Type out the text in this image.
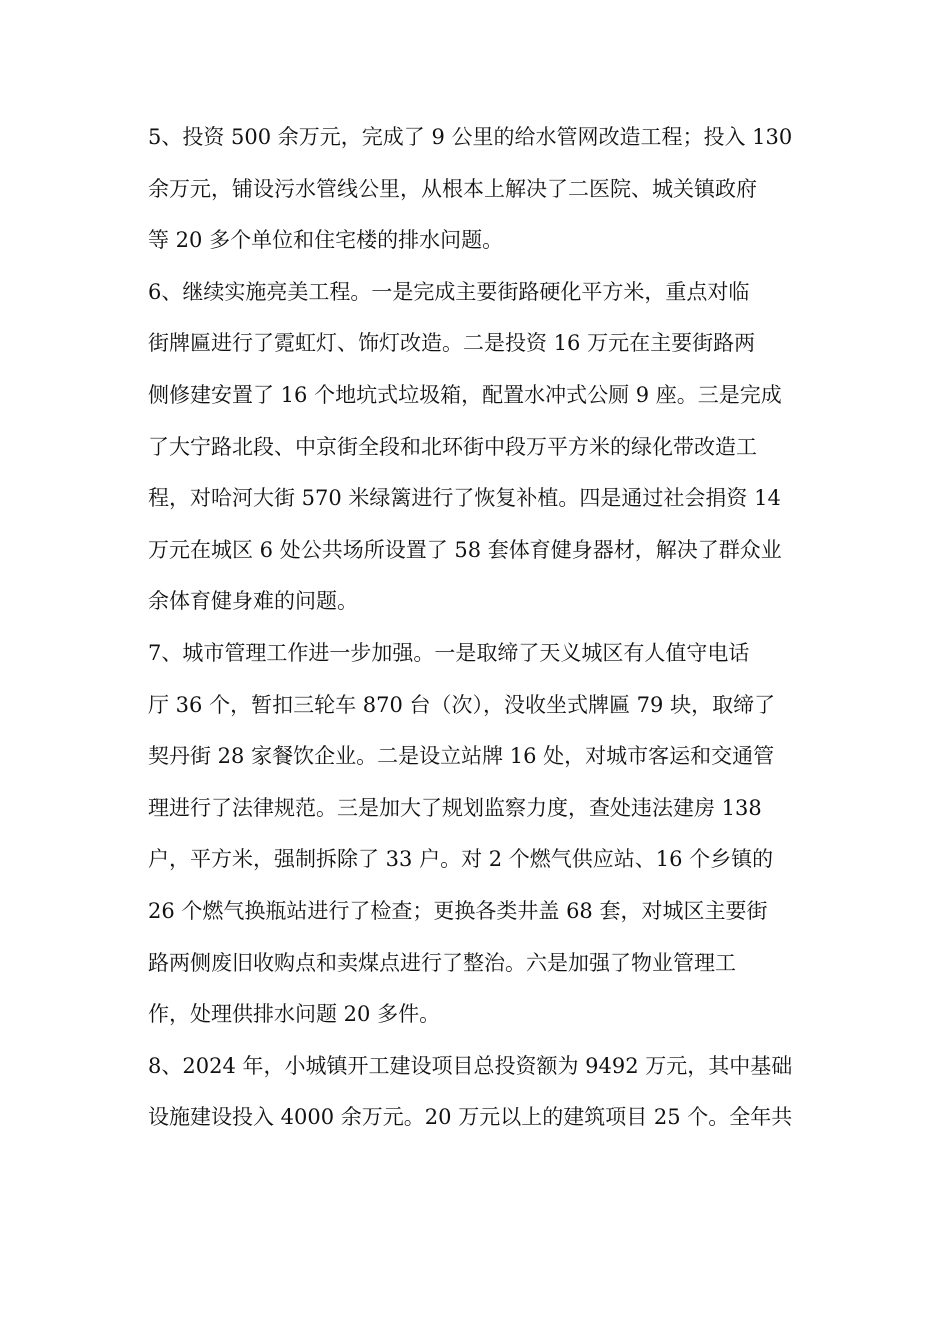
5、投资 500 余万元，完成了 9 公里的给水管网改造工程；投入 130
余万元，铺设污水管线公里，从根本上解决了二医院、城关镇政府
等 20 多个单位和住宅楼的排水问题。
6、继续实施亮美工程。一是完成主要街路硬化平方米，重点对临
街牌匾进行了霓虹灯、饰灯改造。二是投资 16 万元在主要街路两
侧修建安置了 16 个地坑式垃圾箱，配置水冲式公厕 9 座。三是完成
了大宁路北段、中京街全段和北环街中段万平方米的绿化带改造工
程，对哈河大街 570 米绿篱进行了恢复补植。四是通过社会捐资 14
万元在城区 6 处公共场所设置了 58 套体育健身器材，解决了群众业
余体育健身难的问题。
7、城市管理工作进一步加强。一是取缔了天义城区有人值守电话
厅 36 个，暂扣三轮车 870 台（次），没收坐式牌匾 79 块，取缔了
契丹街 28 家餐饮企业。二是设立站牌 16 处，对城市客运和交通管
理进行了法律规范。三是加大了规划监察力度，查处违法建房 138
户，平方米，强制拆除了 33 户。对 2 个燃气供应站、16 个乡镇的
26 个燃气换瓶站进行了检查；更换各类井盖 68 套，对城区主要街
路两侧废旧收购点和卖煤点进行了整治。六是加强了物业管理工
作，处理供排水问题 20 多件。
8、2024 年，小城镇开工建设项目总投资额为 9492 万元，其中基础
设施建设投入 4000 余万元。20 万元以上的建筑项目 25 个。全年共
